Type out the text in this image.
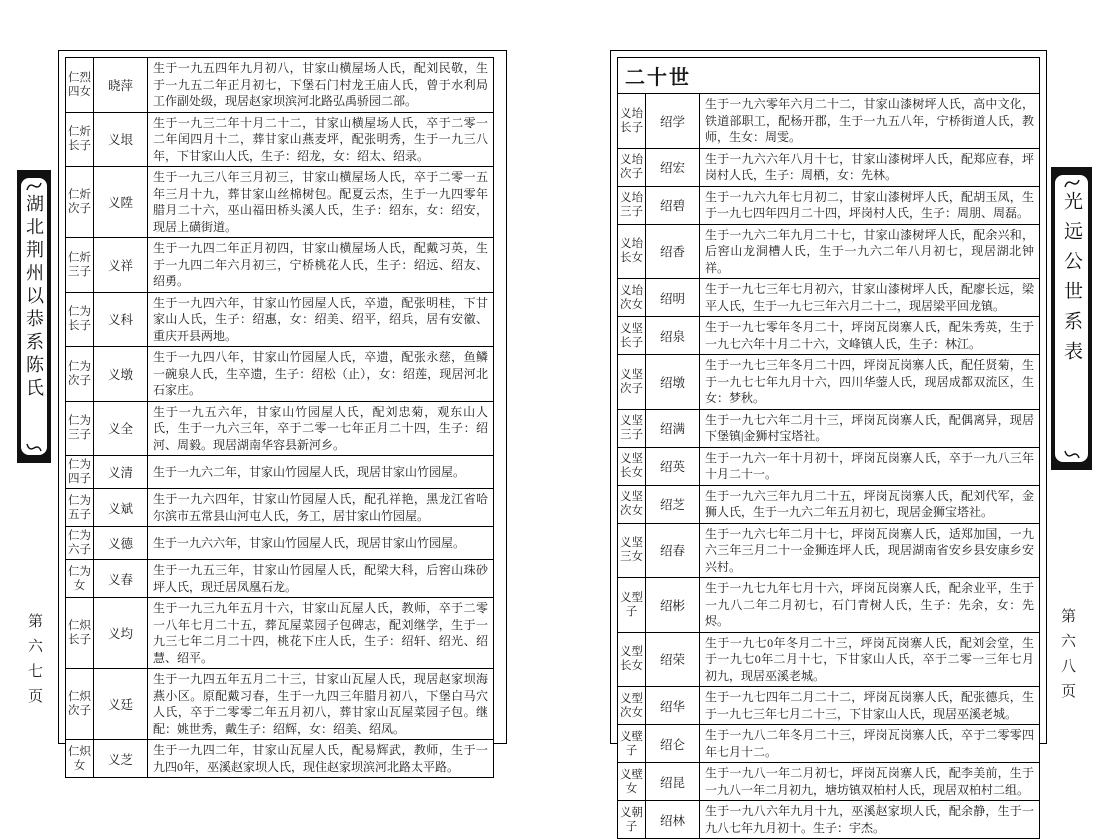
湖北荆州以恭系陈氏
仁烈四女	晓萍	生于一九五四年九月初八，甘家山横屋场人氏，配刘民敬，生于一九五二年正月初七，下堡石门村龙王庙人氏，曾于水利局工作副处级，现居赵家坝滨河北路弘禹骄园二部。
仁炘长子	义垠	生于一九三二年十月二十二，甘家山横屋场人氏，卒于二零一二年闰四月十二，葬甘家山燕麦坪，配张明秀，生于一九三八年，下甘家山人氏，生子：绍龙，女：绍太、绍录。
仁炘次子	义陞	生于一九三八年三月初三，甘家山横屋场人氏，卒于二零一五年三月十九，葬甘家山丝棉树包。配夏云杰，生于一九四零年腊月二十六，巫山福田桥头溪人氏，生子：绍东，女：绍安，现居上磺街道。
仁炘三子	义祥	生于一九四二年正月初四，甘家山横屋场人氏，配戴习英，生于一九四二年六月初三，宁桥桃花人氏，生子：绍远、绍友、绍勇。
仁为长子	义科	生于一九四六年，甘家山竹园屋人氏，卒遗，配张明桂，下甘家山人氏，生子：绍惠，女：绍美、绍平，绍兵，居有安徽、重庆开县两地。
仁为次子	义墩	生于一九四八年，甘家山竹园屋人氏，卒遗，配张永慈，鱼鳞一碗泉人氏，生卒遗，生子：绍松（止），女：绍莲，现居河北石家庄。
仁为三子	义全	生于一九五六年，甘家山竹园屋人氏，配刘忠菊，观东山人氏，生于一九六三年，卒于二零一七年正月二十四，生子：绍河、周毅。现居湖南华容县新河乡。
仁为四子	义清	生于一九六二年，甘家山竹园屋人氏，现居甘家山竹园屋。
仁为五子	义斌	生于一九六四年，甘家山竹园屋人氏，配孔祥艳，黑龙江省哈尔滨市五常县山河屯人氏，务工，居甘家山竹园屋。
仁为六子	义德	生于一九六六年，甘家山竹园屋人氏，现居甘家山竹园屋。
仁为女	义春	生于一九五三年，甘家山竹园屋人氏，配梁大科，后窖山珠砂坪人氏，现迁居凤凰石龙。
仁炽长子	义均	生于一九三九年五月十六，甘家山瓦屋人氏，教师，卒于二零一八年七月二十五，葬瓦屋菜园子包碑志，配刘继学，生于一九三七年二月二十四，桃花下庄人氏，生子：绍轩、绍光、绍慧、绍平。
仁炽次子	义廷	生于一九四五年五月二十三，甘家山瓦屋人氏，现居赵家坝海燕小区。原配戴习春，生于一九四三年腊月初八，下堡白马穴人氏，卒于二零零二年五月初八，葬甘家山瓦屋菜园子包。继配：姚世秀，戴生子：绍辉，女：绍美、绍凤。
仁炽女	义芝	生于一九四二年，甘家山瓦屋人氏，配易辉武，教师，生于一九四0年，巫溪赵家坝人氏，现住赵家坝滨河北路太平路。
第六七页
二十世		
义坮长子	绍学	生于一九六零年六月二十二，甘家山漆树坪人氏，高中文化，铁道部职工，配杨开郡，生于一九五八年，宁桥街道人氏，教师，生女：周雯。
义坮次子	绍宏	生于一九六六年八月十七，甘家山漆树坪人氏，配郑应春，坪岗村人氏，生子：周栖，女：先林。
义坮三子	绍碧	生于一九六九年七月初二，甘家山漆树坪人氏，配胡玉凤，生于一九七四年四月二十四，坪岗村人氏，生子：周朋、周磊。
义坮长女	绍香	生于一九六二年九月二十七，甘家山漆树坪人氏，配余兴和，后窖山龙洞槽人氏，生于一九六二年八月初七，现居湖北钟祥。
义坮次女	绍明	生于一九七三年七月初六，甘家山漆树坪人氏，配廖长远，梁平人氏，生于一九七三年六月二十二，现居梁平回龙镇。
义坚长子	绍泉	生于一九七零年冬月二十，坪岗瓦岗寨人氏，配朱秀英，生于一九七六年十月二十六，文峰镇人氏，生子：林江。
义坚次子	绍墩	生于一九七三年冬月二十四，坪岗瓦岗寨人氏，配任贤菊，生于一九七七年九月十六，四川华蓥人氏，现居成都双流区，生女：梦秋。
义坚三子	绍满	生于一九七六年二月十三，坪岗瓦岗寨人氏，配偶离异，现居下堡镇|金狮村宝塔社。
义坚长女	绍英	生于一九六一年十月初十，坪岗瓦岗寨人氏，卒于一九八三年十月二十一。
义坚次女	绍芝	生于一九六三年九月二十五，坪岗瓦岗寨人氏，配刘代军，金狮人氏，生于一九六二年五月初七，现居金狮宝塔社。
义坚三女	绍春	生于一九六七年二月十七，坪岗瓦岗寨人氏，适郑加国，一九六三年三月二十一金狮连坪人氏，现居湖南省安乡县安康乡安兴村。
义型子	绍彬	生于一九七九年七月十六，坪岗瓦岗寨人氏，配余业平，生于一九八二年二月初七，石门青树人氏，生子：先余，女：先烬。
义型长女	绍荣	生于一九七0年冬月二十三，坪岗瓦岗寨人氏，配刘会堂，生于一九七0年二月十七，下甘家山人氏，卒于二零一三年七月初九，现居巫溪老城。
义型次女	绍华	生于一九七四年二月二十二，坪岗瓦岗寨人氏，配张德兵，生于一九七三年七月二十三，下甘家山人氏，现居巫溪老城。
义壁子	绍仑	生于一九八二年冬月二十三，坪岗瓦岗寨人氏，卒于二零零四年七月十二。
义壁女	绍昆	生于一九八一年二月初七，坪岗瓦岗寨人氏，配李美前，生于一九八一年二月初九，塘坊镇双柏村人氏，现居双柏村二组。
义朝子	绍林	生于一九八六年九月十九，巫溪赵家坝人氏，配余静，生于一九八七年九月初十。生子：宇杰。
光远公世系表
第六八页
